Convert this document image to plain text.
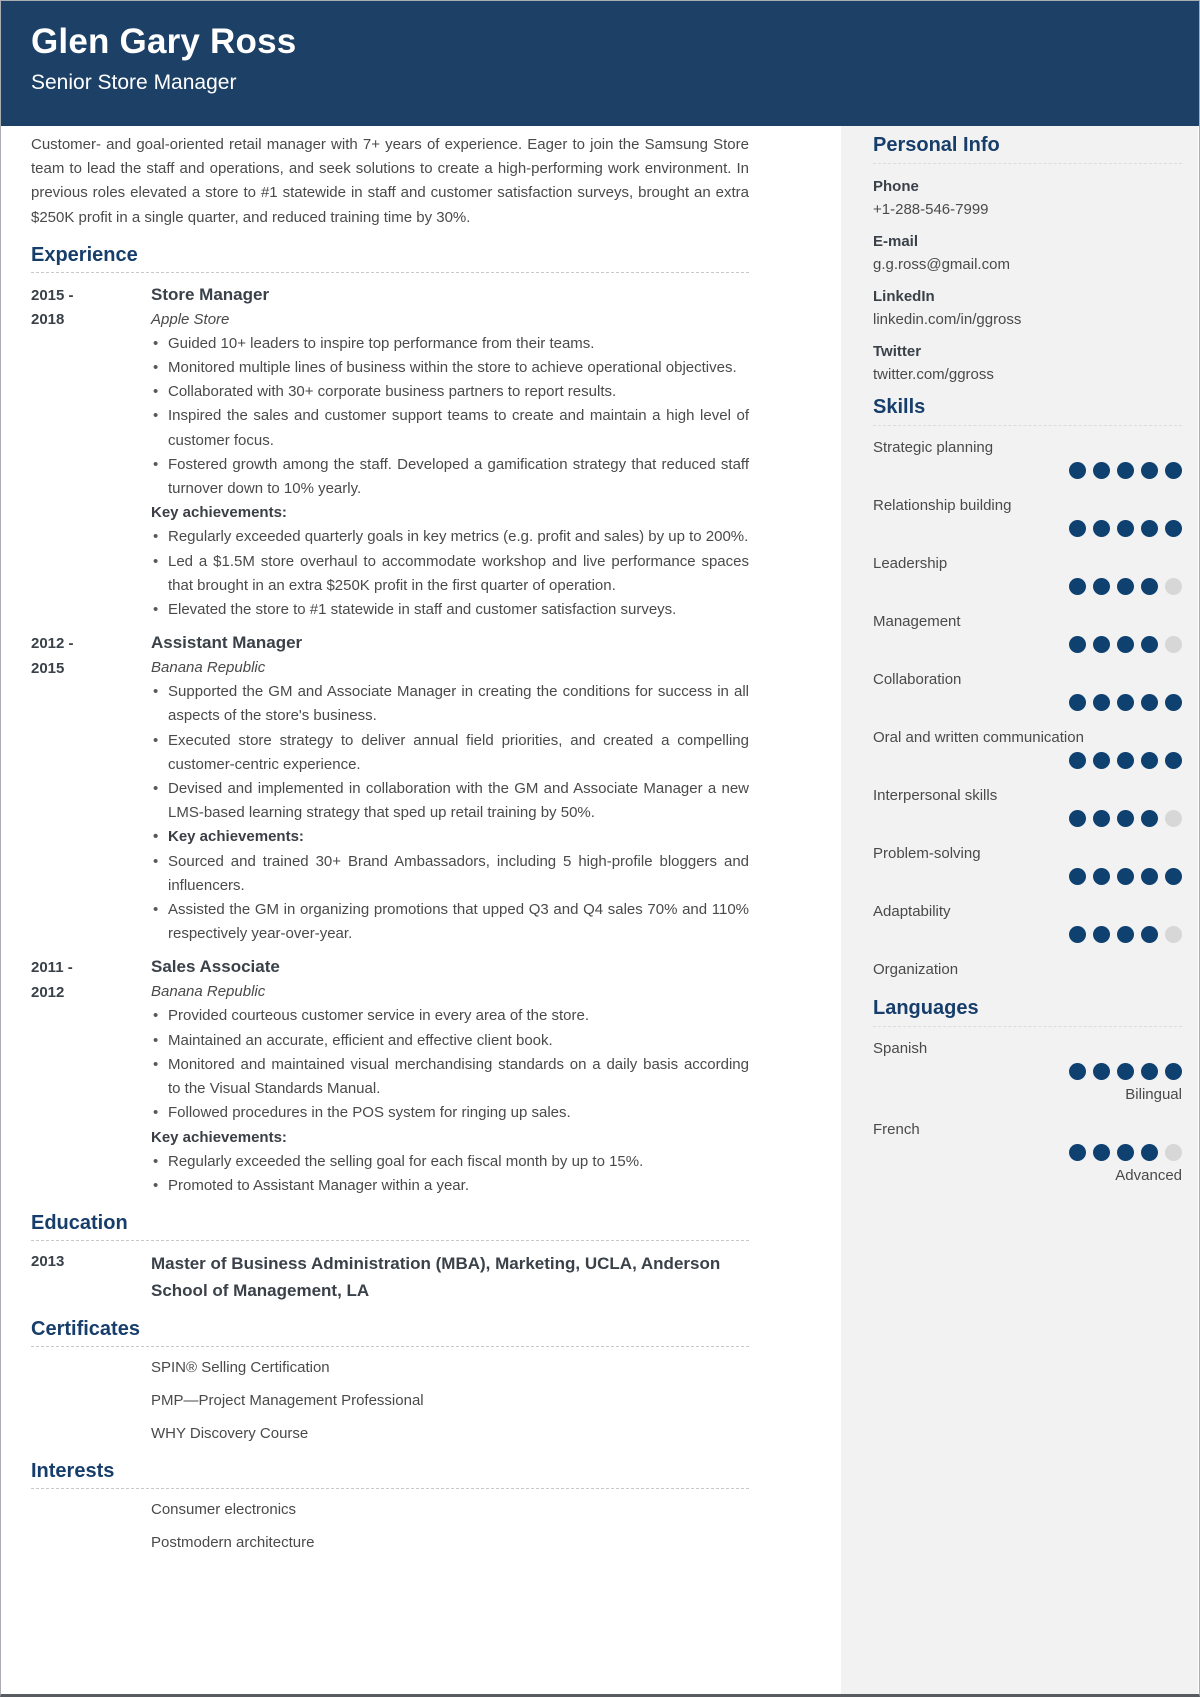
Glen Gary Ross
Senior Store Manager

Customer- and goal-oriented retail manager with 7+ years of experience. Eager to join the Samsung Store team to lead the staff and operations, and seek solutions to create a high-performing work environment. In previous roles elevated a store to #1 statewide in staff and customer satisfaction surveys, brought an extra $250K profit in a single quarter, and reduced training time by 30%.

Experience
2015 -
2018
Store Manager
Apple Store
• Guided 10+ leaders to inspire top performance from their teams.
• Monitored multiple lines of business within the store to achieve operational objectives.
• Collaborated with 30+ corporate business partners to report results.
• Inspired the sales and customer support teams to create and maintain a high level of customer focus.
• Fostered growth among the staff. Developed a gamification strategy that reduced staff turnover down to 10% yearly.
Key achievements:
• Regularly exceeded quarterly goals in key metrics (e.g. profit and sales) by up to 200%.
• Led a $1.5M store overhaul to accommodate workshop and live performance spaces that brought in an extra $250K profit in the first quarter of operation.
• Elevated the store to #1 statewide in staff and customer satisfaction surveys.
2012 -
2015
Assistant Manager
Banana Republic
• Supported the GM and Associate Manager in creating the conditions for success in all aspects of the store's business.
• Executed store strategy to deliver annual field priorities, and created a compelling customer-centric experience.
• Devised and implemented in collaboration with the GM and Associate Manager a new LMS-based learning strategy that sped up retail training by 50%.
• Key achievements:
• Sourced and trained 30+ Brand Ambassadors, including 5 high-profile bloggers and influencers.
• Assisted the GM in organizing promotions that upped Q3 and Q4 sales 70% and 110% respectively year-over-year.
2011 -
2012
Sales Associate
Banana Republic
• Provided courteous customer service in every area of the store.
• Maintained an accurate, efficient and effective client book.
• Monitored and maintained visual merchandising standards on a daily basis according to the Visual Standards Manual.
• Followed procedures in the POS system for ringing up sales.
Key achievements:
• Regularly exceeded the selling goal for each fiscal month by up to 15%.
• Promoted to Assistant Manager within a year.
Education
2013	Master of Business Administration (MBA), Marketing, UCLA, Anderson School of Management, LA
Certificates
SPIN® Selling Certification
PMP—Project Management Professional
WHY Discovery Course
Interests
Consumer electronics
Postmodern architecture
Personal Info
Phone
+1-288-546-7999
E-mail
g.g.ross@gmail.com
LinkedIn
linkedin.com/in/ggross
Twitter
twitter.com/ggross
Skills
Strategic planning
Relationship building
Leadership
Management
Collaboration
Oral and written communication
Interpersonal skills
Problem-solving
Adaptability
Organization
Languages
Spanish
Bilingual
French
Advanced
